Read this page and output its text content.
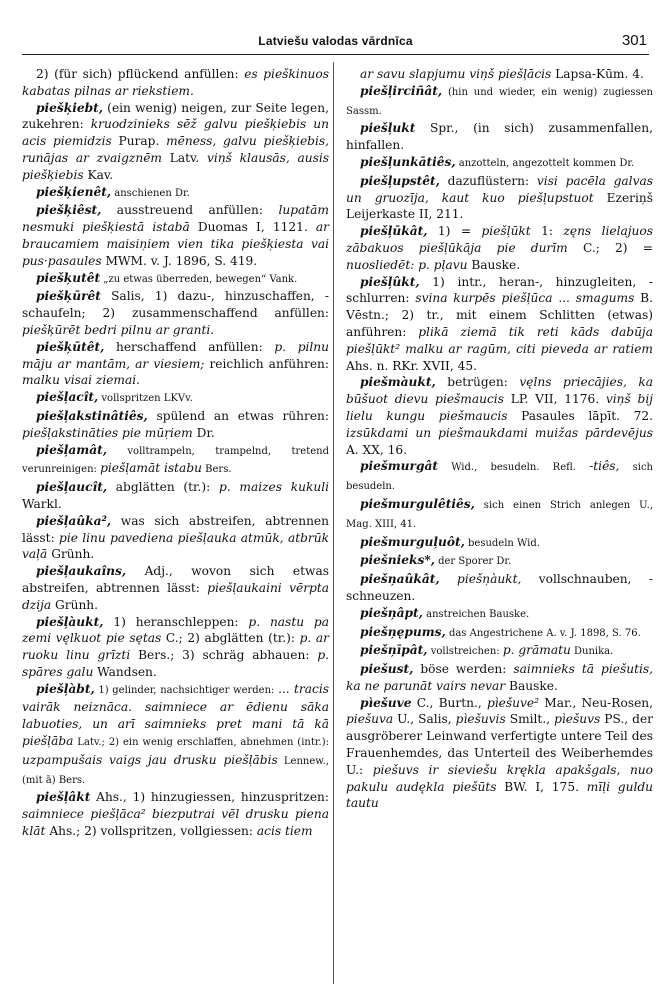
Latviešu valodas vārdnīca	301

2) (für sich) pflückend anfüllen: es pieškinuos kabatas pilnas ar riekstiem.

piešķiebt, (ein wenig) neigen, zur Seite legen, zukehren: kruodzinieks sēž galvu piešķiebis un acis piemidzis Purap. mēness, galvu piešķiebis, runājas ar zvaigznēm Latv. viņš klausās, ausis piešķiebis Kav.

piešķienêt, anschienen Dr.

piešķiêst, ausstreuend anfüllen: lupatām nesmuki piešķiestā istabā Duomas I, 1121. ar braucamiem maisiņiem vien tika piešķiesta vai pus·pasaules MWM. v. J. 1896, S. 419.

piešķutêt „zu etwas überreden, bewegen“ Vank.

piešķūrêt Salis, 1) dazu-, hinzuschaffen, -schaufeln; 2) zusammenschaffend anfüllen: piešķūrēt bedri pilnu ar granti.

piešķūtêt, herschaffend anfüllen: p. pilnu māju ar mantām, ar viesiem; reichlich anführen: malku visai ziemai.

piešļacît, vollspritzen LKVv.

piešļakstinâtiês, spülend an etwas rühren: piešļakstināties pie mūŗiem Dr.

piešļamât, volltrampeln, trampelnd, tretend verunreinigen: piešļamāt istabu Bers.

piešļaucît, abglätten (tr.): p. maizes kukuli Warkl.

piešļaûka², was sich abstreifen, abtrennen lässt: pie linu pavediena piešļauka atmūk, atbrūk vaļā Grünh.

piešļaukaîns, Adj., wovon sich etwas abstreifen, abtrennen lässt: piešļaukaini vērpta dzija Grünh.

piešļàukt, 1) heranschleppen: p. nastu pa zemi vęlkuot pie sętas C.; 2) abglätten (tr.): p. ar ruoku linu grīzti Bers.; 3) schräg abhauen: p. spāres galu Wandsen.

piešļàbt, 1) gelinder, nachsichtiger werden: ... tracis vairāk neiznāca. saimniece ar ēdienu sāka labuoties, un arī saimnieks pret mani tā kā piešļāba Latv.; 2) ein wenig erschlaffen, abnehmen (intr.): uzpampušais vaigs jau drusku piešļābis Lennew., (mit ā) Bers.

piešļâkt Ahs., 1) hinzugiessen, hinzuspritzen: saimniece piešļāca² biezputrai vēl drusku piena klāt Ahs.; 2) vollspritzen, vollgiessen: acis tiem

ar savu slapjumu viņš piešļācis Lapsa-Kūm. 4.

piešļirciñât, (hin und wieder, ein wenig) zugiessen Sassm.

piešļukt Spr., (in sich) zusammenfallen, hinfallen.

piešļunkātiês, anzotteln, angezottelt kommen Dr.

piešļupstêt, dazuflüstern: visi pacēla galvas un gruozīja, kaut kuo piešļupstuot Ezeriņš Leijerkaste II, 211.

piešļūkât, 1) = piešļūkt 1: zęns lielajuos zābakuos piešļūkāja pie durīm C.; 2) = nuosliedēt: p. pļavu Bauske.

piešļûkt, 1) intr., heran-, hinzugleiten, -schlurren: svina kurpēs piešļūca ... smagums B. Vēstn.; 2) tr., mit einem Schlitten (etwas) anführen: plikā ziemā tik reti kāds dabūja piešļūkt² malku ar ragūm, citi pieveda ar ratiem Ahs. n. RKr. XVII, 45.

piešmàukt, betrügen: vęlns priecājies, ka būšuot dievu piešmaucis LP. VII, 1176. viņš bij lielu kungu piešmaucis Pasaules lāpīt. 72. izsūkdami un piešmaukdami muižas pārdevējus A. XX, 16.

piešmurgât Wid., besudeln. Refl. -tiês, sich besudeln.

piešmurgulêtiês, sich einen Strich anlegen U., Mag. XIII, 41.

piešmurguļuôt, besudeln Wid.

piešnieks*, der Sporer Dr.

piešņaûkât, piešņàukt, vollschnauben, -schneuzen.

piešņâpt, anstreichen Bauske.

piešņępums, das Angestrichene A. v. J. 1898, S. 76.

piešņīpât, vollstreichen: p. grāmatu Dunika.

piešust, böse werden: saimnieks tā piešutis, ka ne parunāt vairs nevar Bauske.

pìešuve C., Burtn., pìešuve² Mar., Neu-Rosen, piešuva U., Salis, pìešuvis Smilt., pìešuvs PS., der ausgröberer Leinwand verfertigte untere Teil des Frauenhemdes, das Unterteil des Weiberhemdes U.: piešuvs ir sieviešu krękla apakšgals, nuo pakulu audękla piešūts BW. I, 175. mīļi guldu tautu
